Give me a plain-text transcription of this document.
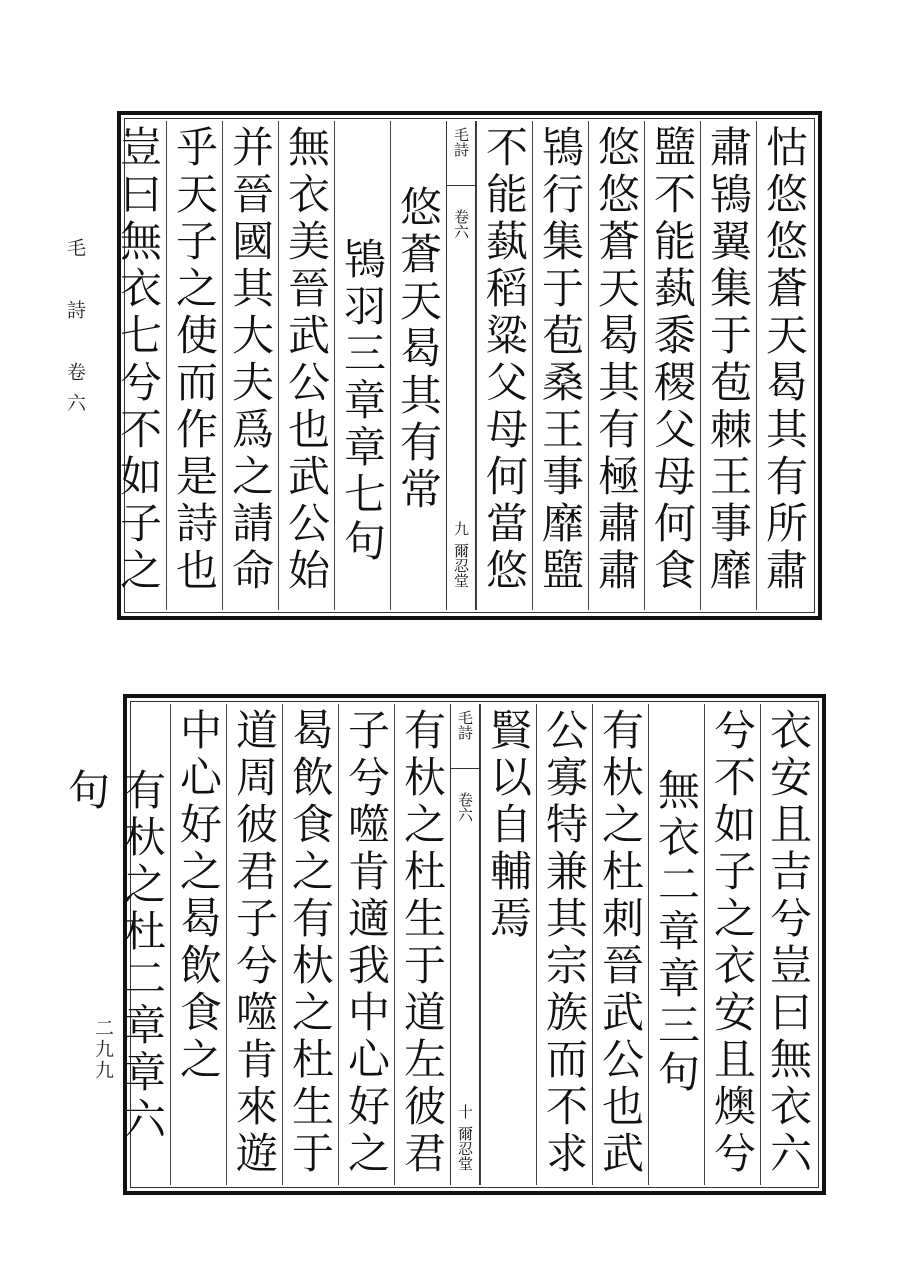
毛　詩　卷六
二九九
怙悠悠蒼天曷其有所肅
肅鴇翼集于苞棘王事靡
盬不能蓺黍稷父母何食
悠悠蒼天曷其有極肅肅
鴇行集于苞桑王事靡盬
不能蓺稻粱父母何當悠
毛詩
卷六
九
爾忍堂
悠蒼天曷其有常
鴇羽三章章七句
無衣美晉武公也武公始
并晉國其大夫爲之請命
乎天子之使而作是詩也
豈曰無衣七兮不如子之
衣安且吉兮豈曰無衣六
兮不如子之衣安且燠兮
無衣二章章三句
有杕之杜刺晉武公也武
公寡特兼其宗族而不求
賢以自輔焉
毛詩
卷六
十
爾忍堂
有杕之杜生于道左彼君
子兮噬肯適我中心好之
曷飲食之有杕之杜生于
道周彼君子兮噬肯來遊
中心好之曷飲食之
有杕之杜二章章六句
